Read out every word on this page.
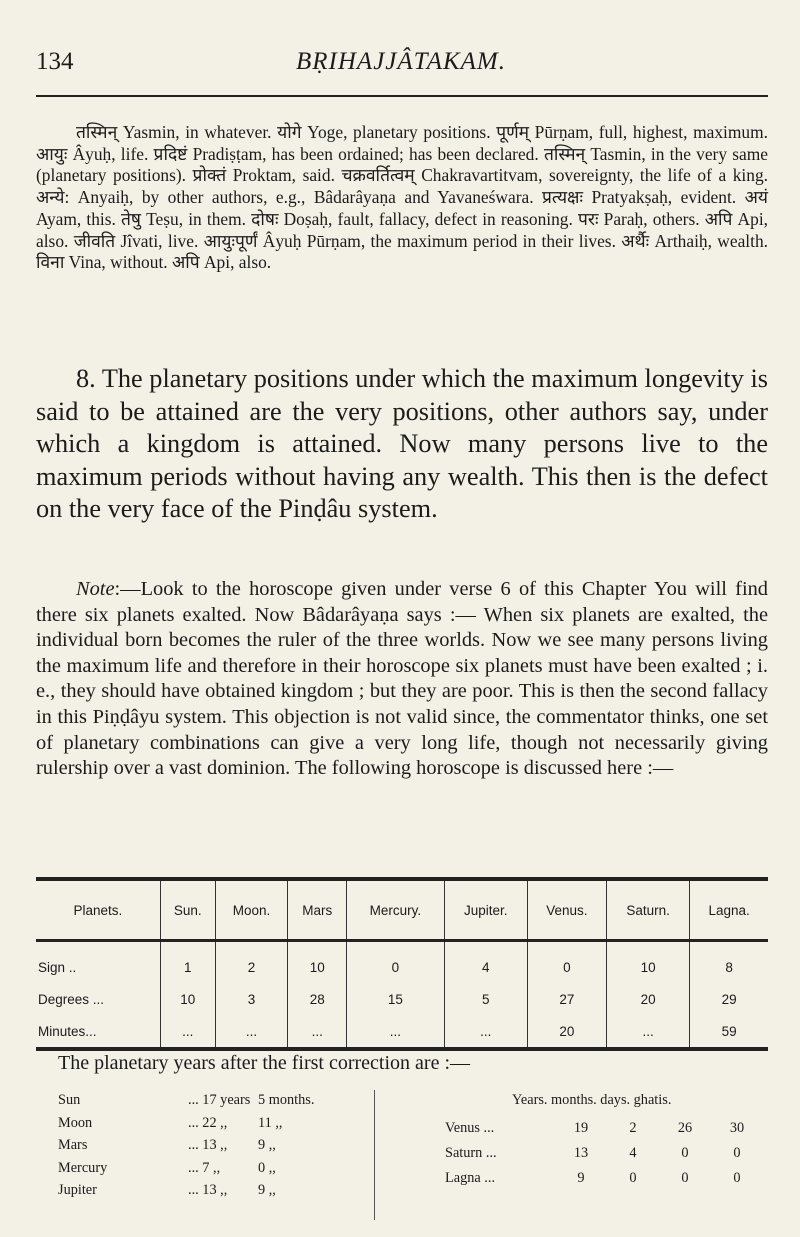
134	BṚIHAJJÂTAKAM.

तस्मिन् Yasmin, in whatever. योगे Yoge, planetary positions. पूर्णम् Pūrṇam, full, highest, maximum. आयुः Âyuḥ, life. प्रदिष्टं Pradiṣṭam, has been ordained; has been declared. तस्मिन् Tasmin, in the very same (planetary positions). प्रोक्तं Proktam, said. चक्रवर्तित्वम् Chakravartitvam, sovereignty, the life of a king. अन्ये: Anyaiḥ, by other authors, e.g., Bâdarâyaṇa and Yavaneśwara. प्रत्यक्षः Pratyakṣaḥ, evident. अयं Ayam, this. तेषु Teṣu, in them. दोषः Doṣaḥ, fault, fallacy, defect in reasoning. परः Paraḥ, others. अपि Api, also. जीवति Jîvati, live. आयुःपूर्णं Âyuḥ Pūrṇam, the maximum period in their lives. अर्थैः Arthaiḥ, wealth. विना Vina, without. अपि Api, also.

8. The planetary positions under which the maximum longevity is said to be attained are the very positions, other authors say, under which a kingdom is attained. Now many persons live to the maximum periods without having any wealth. This then is the defect on the very face of the Pinḍâu system.

Note:—Look to the horoscope given under verse 6 of this Chapter You will find there six planets exalted. Now Bâdarâyaṇa says :— When six planets are exalted, the individual born becomes the ruler of the three worlds. Now we see many persons living the maximum life and therefore in their horoscope six planets must have been exalted ; i. e., they should have obtained kingdom ; but they are poor. This is then the second fallacy in this Piṇḍâyu system. This objection is not valid since, the commentator thinks, one set of planetary combinations can give a very long life, though not necessarily giving rulership over a vast dominion. The following horoscope is discussed here :—

Planets.	Sun.	Moon.	Mars	Mercury.	Jupiter.	Venus.	Saturn.	Lagna.
Sign ..	1	2	10	0	4	0	10	8
Degrees ...	10	3	28	15	5	27	20	29
Minutes...	...	...	...	...	...	20	...	59
The planetary years after the first correction are :—
Sun	... 17 years 5 months.
Moon	... 22 ,,	11 ,,
Mars	... 13 ,,	9 ,,
Mercury	... 7 ,,	0 ,,
Jupiter	... 13 ,,	9 ,,
Years. months. days. ghatis.
Venus ...	19	2	26	30
Saturn ...	13	4	0	0
Lagna ...	9	0	0	0
